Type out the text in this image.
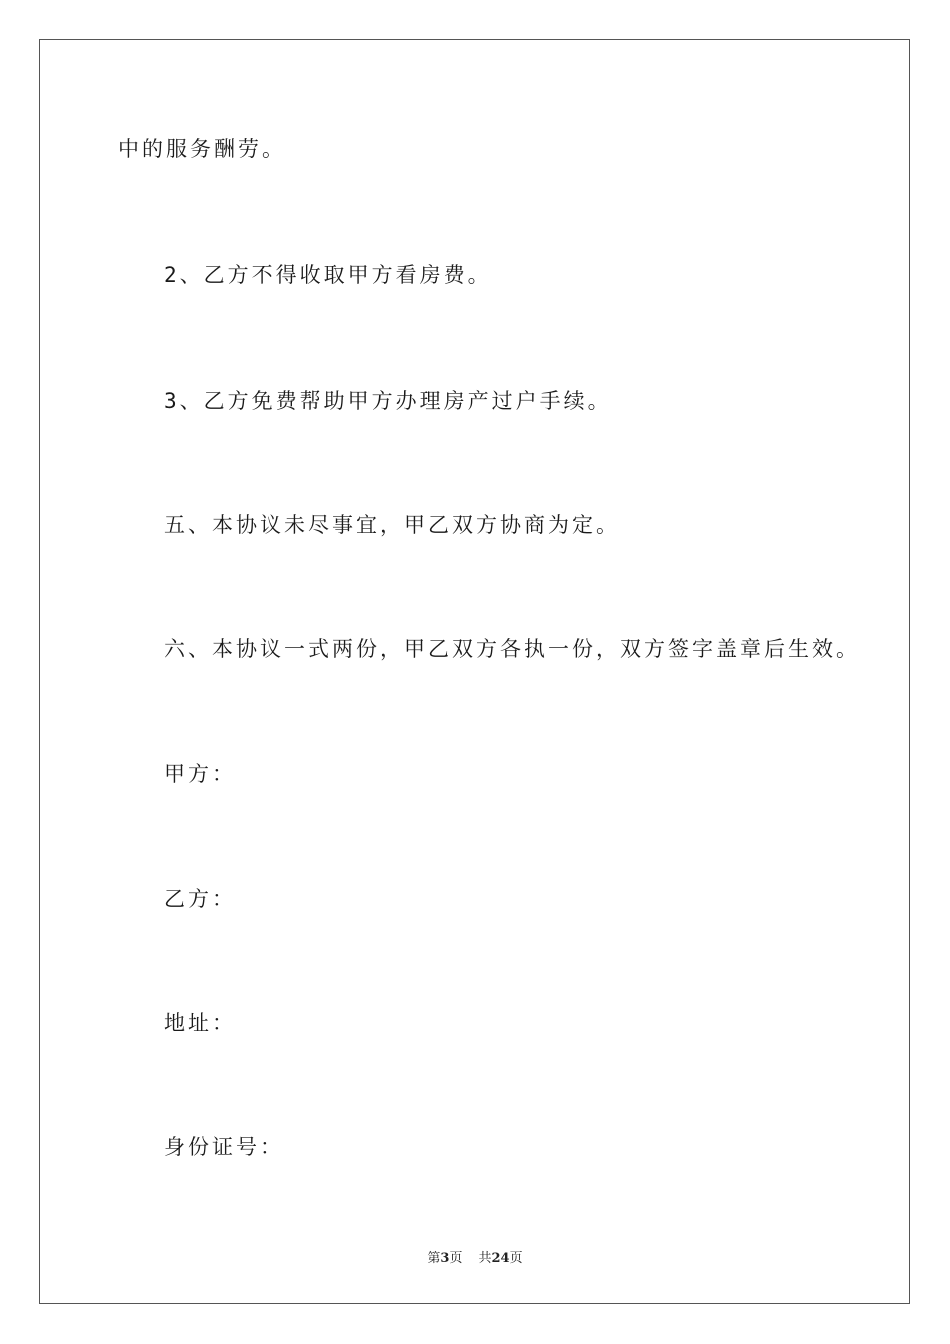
中的服务酬劳。
2、乙方不得收取甲方看房费。
3、乙方免费帮助甲方办理房产过户手续。
五、本协议未尽事宜，甲乙双方协商为定。
六、本协议一式两份，甲乙双方各执一份，双方签字盖章后生效。
甲方：
乙方：
地址：
身份证号：
第3页 共24页
